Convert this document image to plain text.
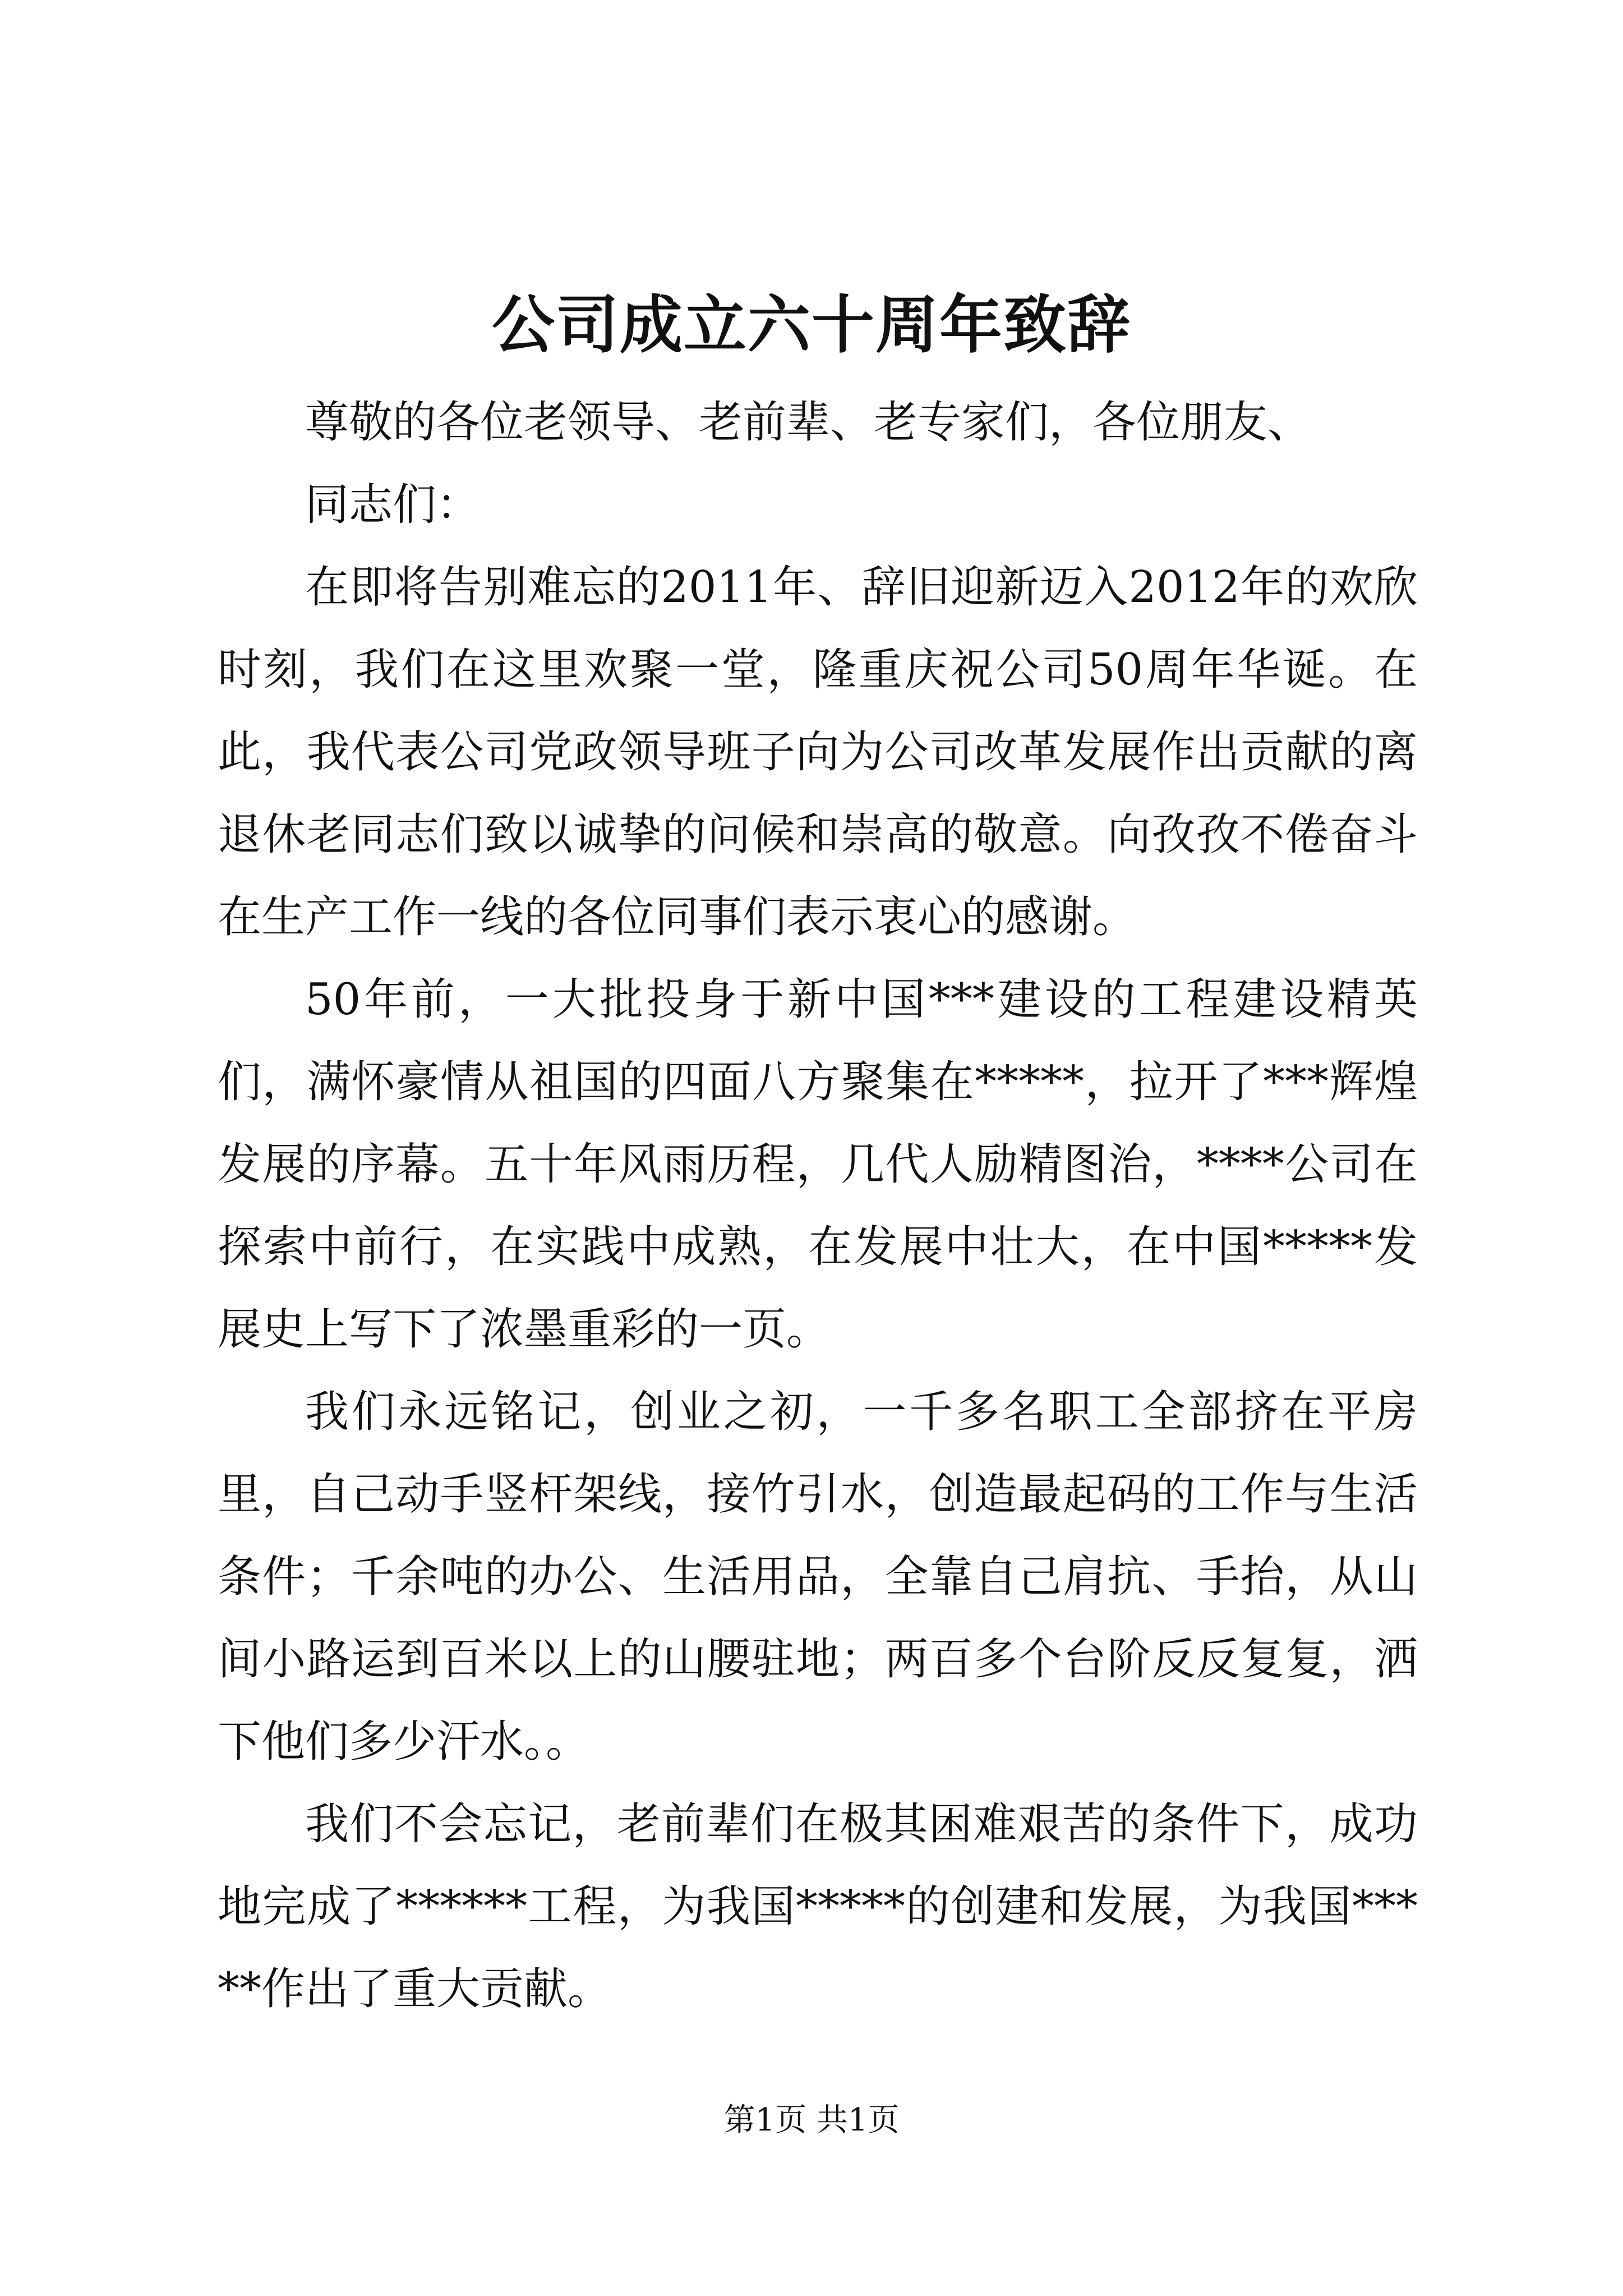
公司成立六十周年致辞

尊敬的各位老领导、老前辈、老专家们，各位朋友、

同志们：

在即将告别难忘的2011年、辞旧迎新迈入2012年的欢欣时刻，我们在这里欢聚一堂，隆重庆祝公司50周年华诞。在此，我代表公司党政领导班子向为公司改革发展作出贡献的离退休老同志们致以诚挚的问候和崇高的敬意。向孜孜不倦奋斗在生产工作一线的各位同事们表示衷心的感谢。

50年前，一大批投身于新中国***建设的工程建设精英们，满怀豪情从祖国的四面八方聚集在*****，拉开了***辉煌发展的序幕。五十年风雨历程，几代人励精图治，****公司在探索中前行，在实践中成熟，在发展中壮大，在中国*****发展史上写下了浓墨重彩的一页。

我们永远铭记，创业之初，一千多名职工全部挤在平房里，自己动手竖杆架线，接竹引水，创造最起码的工作与生活条件；千余吨的办公、生活用品，全靠自己肩抗、手抬，从山间小路运到百米以上的山腰驻地；两百多个台阶反反复复，洒下他们多少汗水。。

我们不会忘记，老前辈们在极其困难艰苦的条件下，成功地完成了******工程，为我国*****的创建和发展，为我国*****作出了重大贡献。

第1页 共1页
